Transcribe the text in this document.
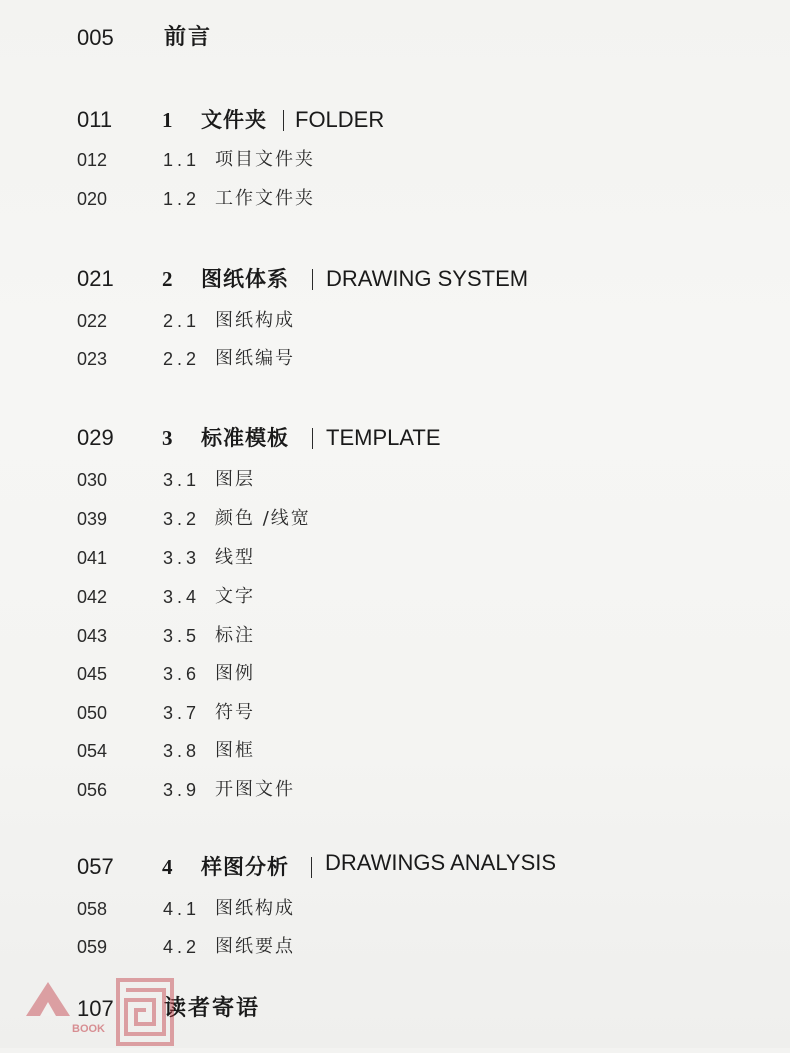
005 前言
011 1 文件夹 FOLDER
012	1.1 项目文件夹
020	1.2 工作文件夹
021 2 图纸体系 DRAWING SYSTEM
022	2.1 图纸构成
023	2.2 图纸编号
029 3 标准模板 TEMPLATE
030	3.1 图层
039	3.2 颜色 /线宽
041	3.3 线型
042	3.4 文字
043	3.5 标注
045	3.6 图例
050	3.7 符号
054	3.8 图框
056	3.9 开图文件
057 4 样图分析 DRAWINGS ANALYSIS
058	4.1 图纸构成
059	4.2 图纸要点
107 读者寄语
BOOK
